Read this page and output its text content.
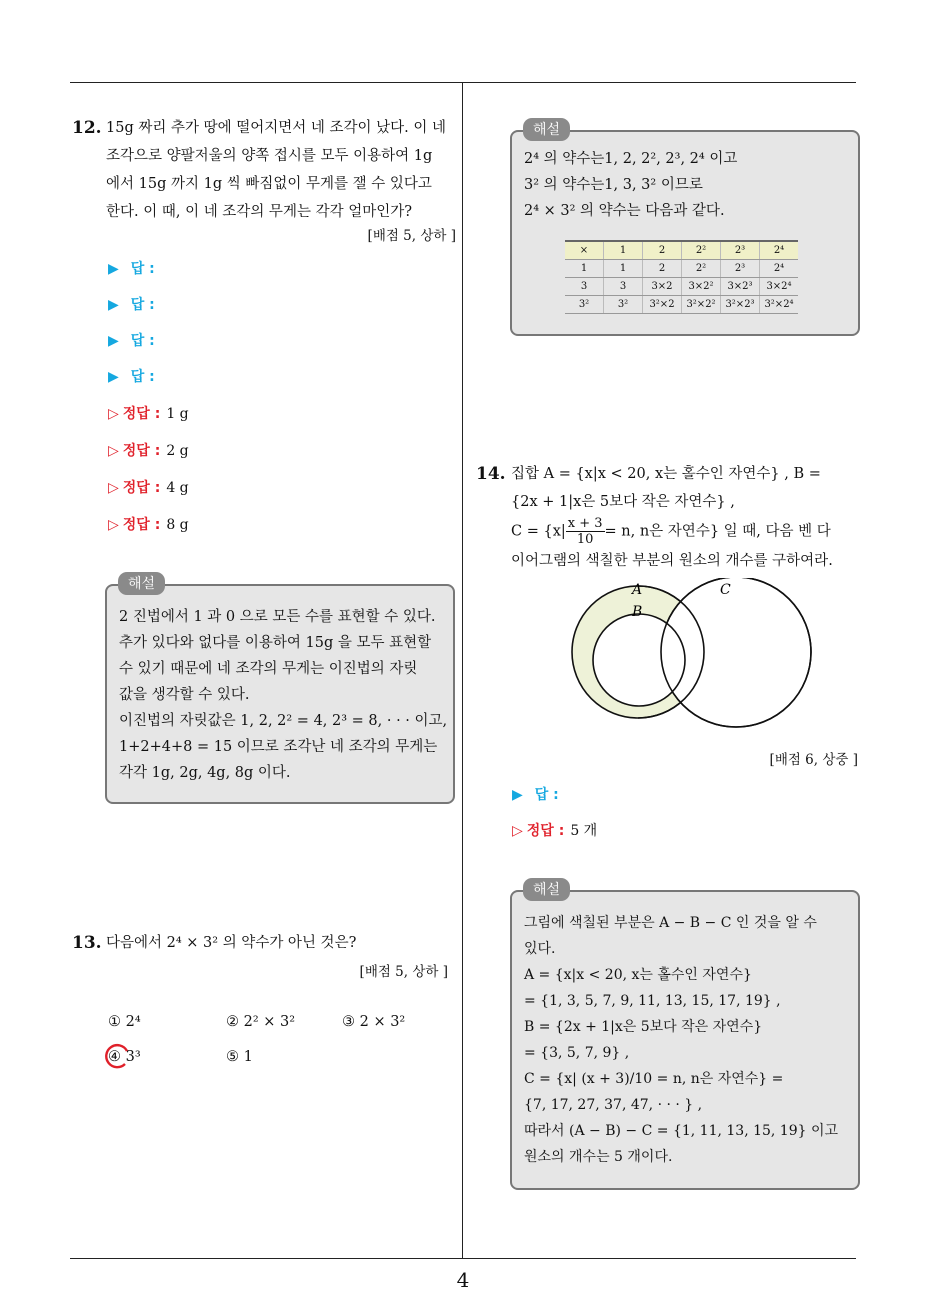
12. 15g 짜리 추가 땅에 떨어지면서 네 조각이 났다. 이 네
조각으로 양팔저울의 양쪽 접시를 모두 이용하여 1g
에서 15g 까지 1g 씩 빠짐없이 무게를 잴 수 있다고
한다. 이 때, 이 네 조각의 무게는 각각 얼마인가?
[배점 5, 상하 ]
▶ 답 :
▶ 답 :
▶ 답 :
▶ 답 :
▷ 정답 : 1 g
▷ 정답 : 2 g
▷ 정답 : 4 g
▷ 정답 : 8 g
2 진법에서 1 과 0 으로 모든 수를 표현할 수 있다.
추가 있다와 없다를 이용하여 15g 을 모두 표현할
수 있기 때문에 네 조각의 무게는 이진법의 자릿
값을 생각할 수 있다.
이진법의 자릿값은 1, 2, 2² = 4, 2³ = 8, · · · 이고,
1+2+4+8 = 15 이므로 조각난 네 조각의 무게는
각각 1g, 2g, 4g, 8g 이다.
해설
13. 다음에서 2⁴ × 3² 의 약수가 아닌 것은?
[배점 5, 상하 ]
① 2⁴	② 2² × 3²	③ 2 × 3²
④ 3³	⑤ 1
2⁴ 의 약수는1, 2, 2², 2³, 2⁴ 이고
3² 의 약수는1, 3, 3² 이므로
2⁴ × 3² 의 약수는 다음과 같다.
×	1	2	2²	2³	2⁴
1	1	2	2²	2³	2⁴
3	3	3×2	3×2²	3×2³	3×2⁴
3²	3²	3²×2	3²×2²	3²×2³	3²×2⁴
해설
14. 집합 A = {x|x < 20, x는 홀수인 자연수} , B =
{2x + 1|x은 5보다 작은 자연수} ,
$C = \{x| \frac{x + 3}{10} = n$, n은 자연수} 일 때, 다음 벤 다
이어그램의 색칠한 부분의 원소의 개수를 구하여라.
A
B
C
[배점 6, 상중 ]
▶ 답 :
▷ 정답 : 5 개
그림에 색칠된 부분은 A − B − C 인 것을 알 수
있다.
A = {x|x < 20, x는 홀수인 자연수}
= {1, 3, 5, 7, 9, 11, 13, 15, 17, 19} ,
B = {2x + 1|x은 5보다 작은 자연수}
= {3, 5, 7, 9} ,
C = {x| (x + 3)/10 = n, n은 자연수} =
{7, 17, 27, 37, 47, · · · } ,
따라서 (A − B) − C = {1, 11, 13, 15, 19} 이고
원소의 개수는 5 개이다.
해설
4
